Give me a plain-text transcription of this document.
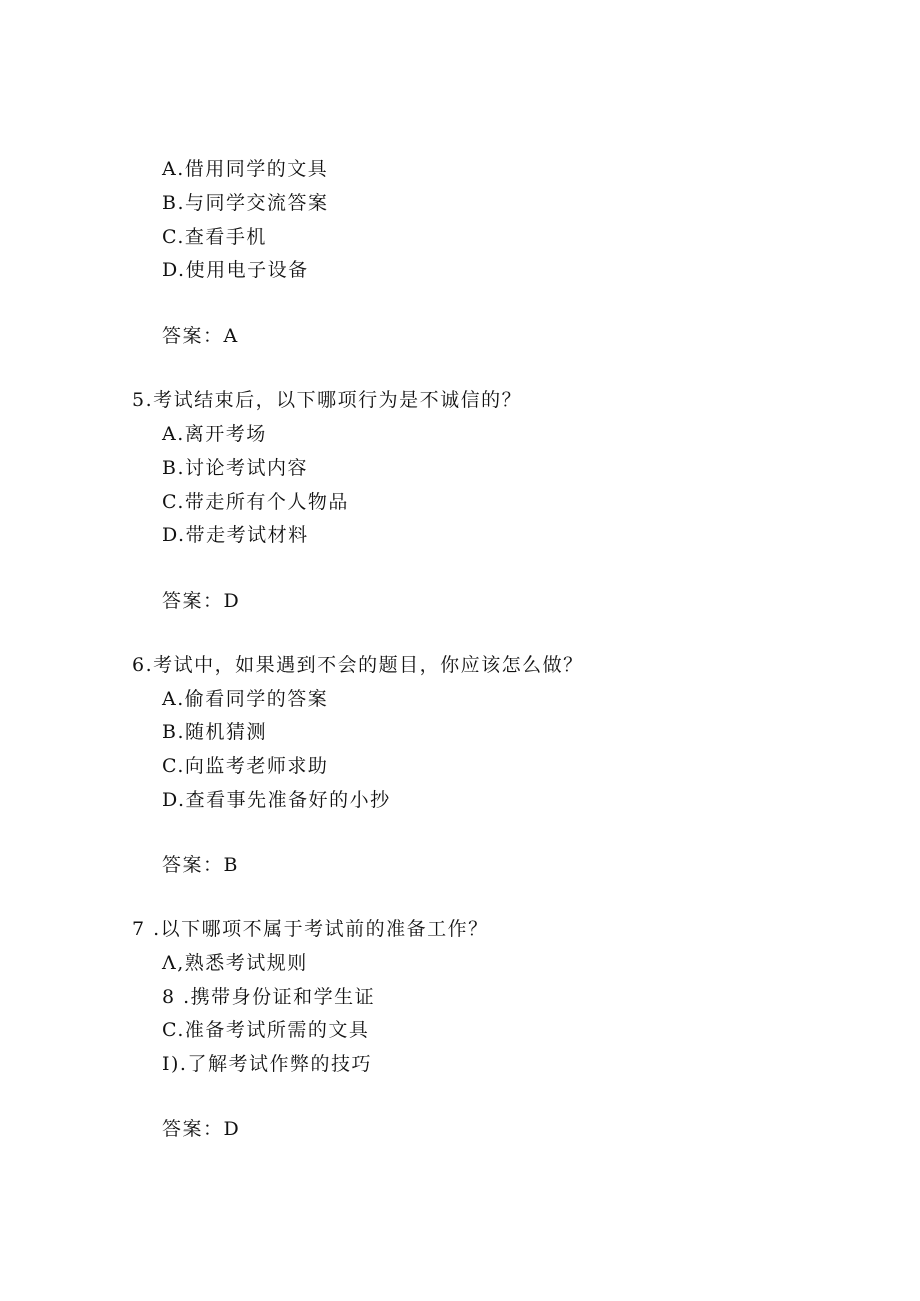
A.借用同学的文具
B.与同学交流答案
C.查看手机
D.使用电子设备
答案：A
5.考试结束后，以下哪项行为是不诚信的？
A.离开考场
B.讨论考试内容
C.带走所有个人物品
D.带走考试材料
答案：D
6.考试中，如果遇到不会的题目，你应该怎么做？
A.偷看同学的答案
B.随机猜测
C.向监考老师求助
D.查看事先准备好的小抄
答案：B
7 .以下哪项不属于考试前的准备工作？
Λ,熟悉考试规则
8 .携带身份证和学生证
C.准备考试所需的文具
I).了解考试作弊的技巧
答案：D
